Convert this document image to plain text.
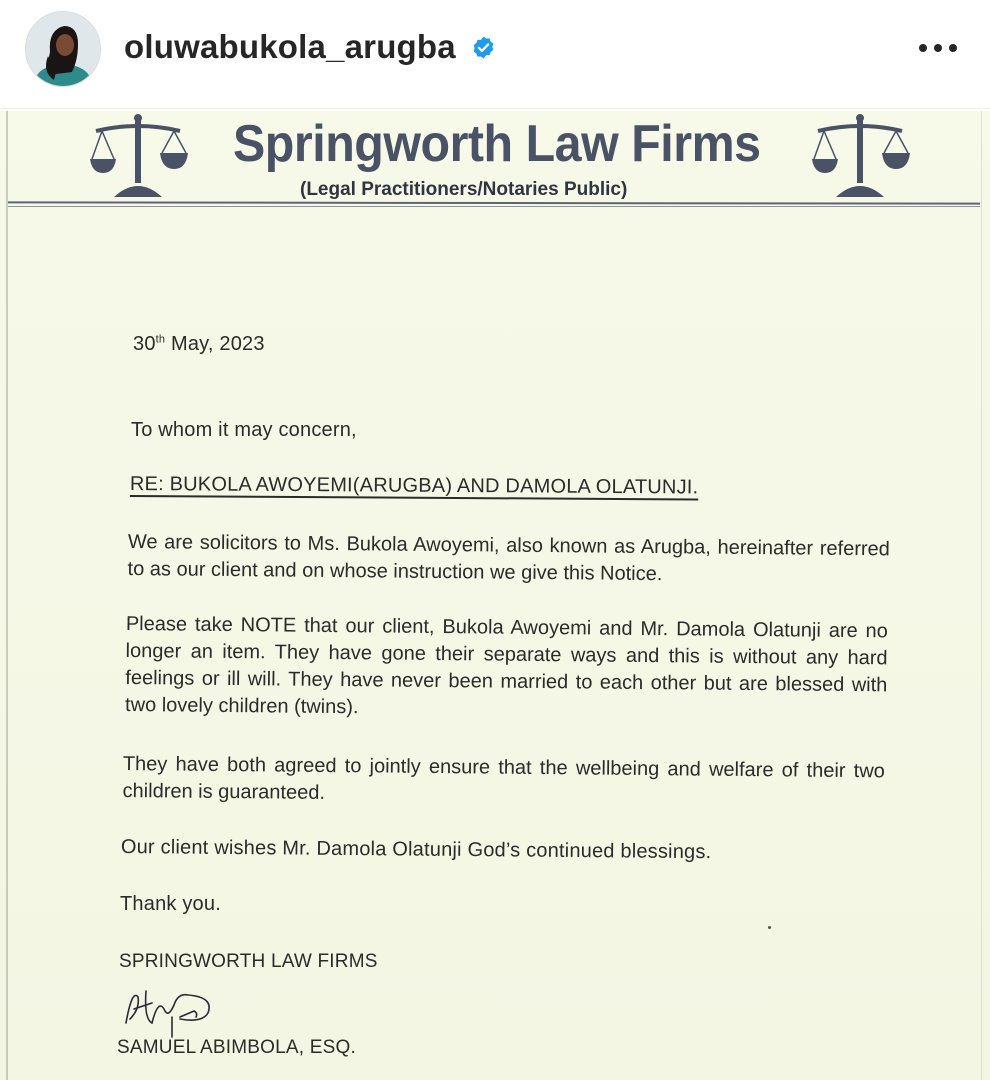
oluwabukola_arugba
Springworth Law Firms
(Legal Practitioners/Notaries Public)
30th May, 2023
To whom it may concern,
RE: BUKOLA AWOYEMI(ARUGBA) AND DAMOLA OLATUNJI.
We are solicitors to Ms. Bukola Awoyemi, also known as Arugba, hereinafter referred to as our client and on whose instruction we give this Notice.
Please take NOTE that our client, Bukola Awoyemi and Mr. Damola Olatunji are no longer an item. They have gone their separate ways and this is without any hard feelings or ill will. They have never been married to each other but are blessed with two lovely children (twins).
They have both agreed to jointly ensure that the wellbeing and welfare of their two children is guaranteed.
Our client wishes Mr. Damola Olatunji God’s continued blessings.
Thank you.
SPRINGWORTH LAW FIRMS
SAMUEL ABIMBOLA, ESQ.
